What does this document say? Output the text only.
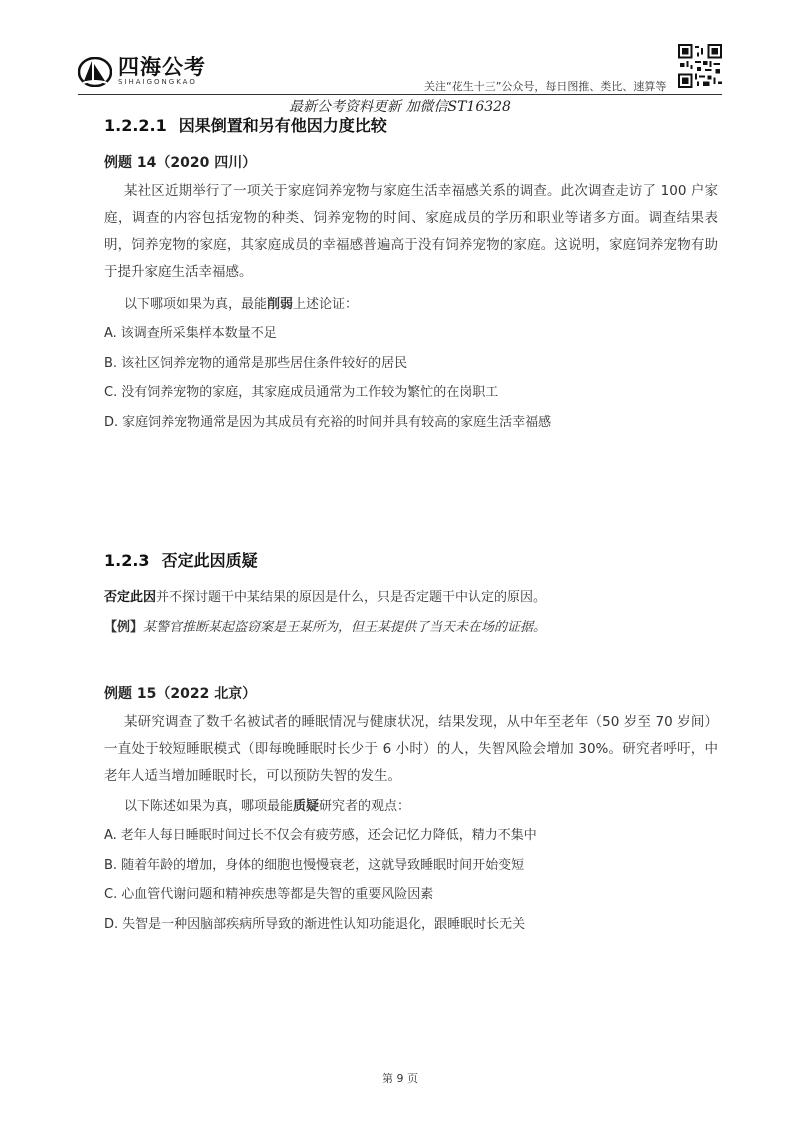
四海公考
SIHAIGONGKAO	关注“花生十三”公众号，每日图推、类比、速算等
最新公考资料更新 加微信ST16328
1.2.2.1 因果倒置和另有他因力度比较
例题 14（2020 四川）

某社区近期举行了一项关于家庭饲养宠物与家庭生活幸福感关系的调查。此次调查走访了 100 户家庭，调查的内容包括宠物的种类、饲养宠物的时间、家庭成员的学历和职业等诸多方面。调查结果表明，饲养宠物的家庭，其家庭成员的幸福感普遍高于没有饲养宠物的家庭。这说明，家庭饲养宠物有助于提升家庭生活幸福感。

以下哪项如果为真，最能削弱上述论证：
A. 该调查所采集样本数量不足
B. 该社区饲养宠物的通常是那些居住条件较好的居民
C. 没有饲养宠物的家庭，其家庭成员通常为工作较为繁忙的在岗职工
D. 家庭饲养宠物通常是因为其成员有充裕的时间并具有较高的家庭生活幸福感
1.2.3 否定此因质疑
否定此因并不探讨题干中某结果的原因是什么，只是否定题干中认定的原因。
【例】某警官推断某起盗窃案是王某所为，但王某提供了当天未在场的证据。
例题 15（2022 北京）

某研究调查了数千名被试者的睡眠情况与健康状况，结果发现，从中年至老年（50 岁至 70 岁间）一直处于较短睡眠模式（即每晚睡眠时长少于 6 小时）的人，失智风险会增加 30%。研究者呼吁，中老年人适当增加睡眠时长，可以预防失智的发生。

以下陈述如果为真，哪项最能质疑研究者的观点：
A. 老年人每日睡眠时间过长不仅会有疲劳感，还会记忆力降低，精力不集中
B. 随着年龄的增加，身体的细胞也慢慢衰老，这就导致睡眠时间开始变短
C. 心血管代谢问题和精神疾患等都是失智的重要风险因素
D. 失智是一种因脑部疾病所导致的渐进性认知功能退化，跟睡眠时长无关
第 9 页
